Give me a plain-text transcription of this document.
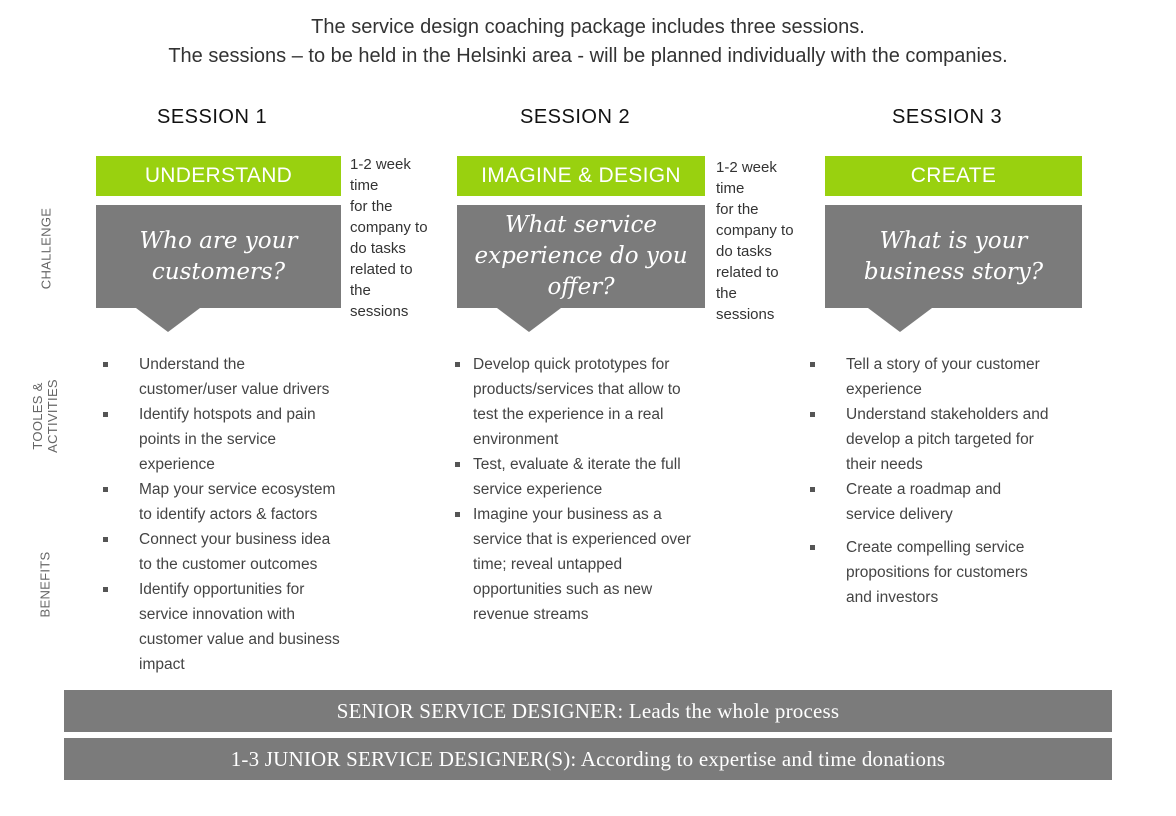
The service design coaching package includes three sessions.
The sessions – to be held in the Helsinki area - will be planned individually with the companies.
CHALLENGE
TOOLES & ACTIVITIES
BENEFITS
SESSION 1
UNDERSTAND
Who are your
customers?
1-2 week
time
for the
company to
do tasks
related to
the
sessions
SESSION 2
IMAGINE & DESIGN
What service
experience do you
offer?
1-2 week
time
for the
company to
do tasks
related to
the
sessions
SESSION 3
CREATE
What is your
business story?
Understand the
customer/user value drivers
Identify hotspots and pain
points in the service
experience
Map your service ecosystem
to identify actors & factors
Connect your business idea
to the customer outcomes
Identify opportunities for
service innovation with
customer value and business
impact
Develop quick prototypes for
products/services that allow to
test the experience in a real
environment
Test, evaluate & iterate the full
service experience
Imagine your business as a
service that is experienced over
time; reveal untapped
opportunities such as new
revenue streams
Tell a story of your customer
experience
Understand stakeholders and
develop a pitch targeted for
their needs
Create a roadmap and
service delivery
Create compelling service
propositions for customers
and investors
SENIOR SERVICE DESIGNER: Leads the whole process
1-3 JUNIOR SERVICE DESIGNER(S): According to expertise and time donations
